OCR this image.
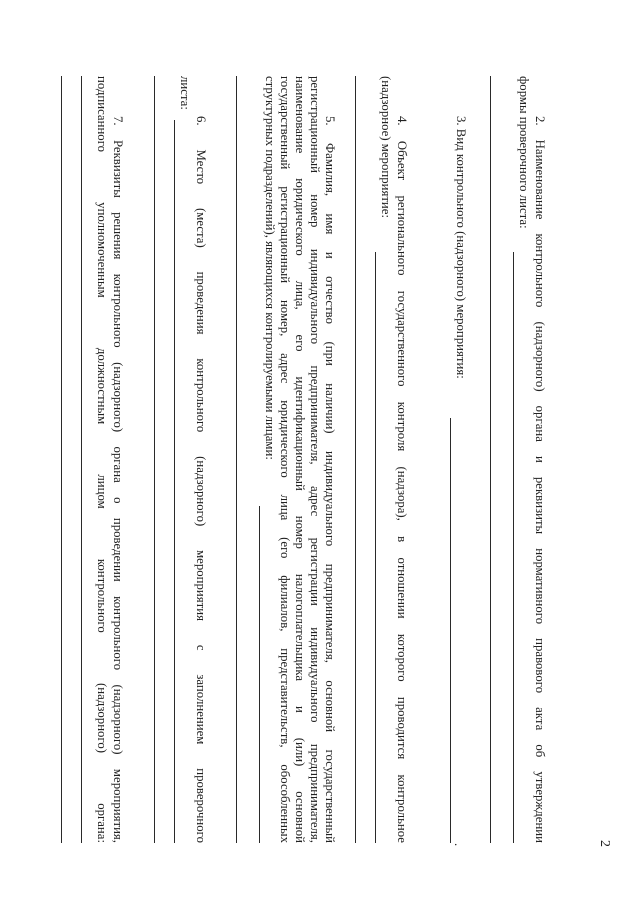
2
2. Наименование контрольного (надзорного) органа и реквизиты нормативного правового акта об утверждении
формы проверочного листа:
3. Вид контрольного (надзорного) мероприятия:
.
4. Объект регионального государственного контроля (надзора), в отношении которого проводится контрольное
(надзорное) мероприятие:
5. Фамилия, имя и отчество (при наличии) индивидуального предпринимателя, основной государственный
регистрационный номер индивидуального предпринимателя, адрес регистрации индивидуального предпринимателя,
наименование юридического лица, его идентификационный номер налогоплательщика и (или) основной
государственный регистрационный номер, адрес юридического лица (его филиалов, представительств, обособленных
структурных подразделений), являющихся контролируемыми лицами:
6. Место (места) проведения контрольного (надзорного) мероприятия с заполнением проверочного
листа:
7. Реквизиты решения контрольного (надзорного) органа о проведении контрольного (надзорного) мероприятия,
подписанного уполномоченным должностным лицом контрольного (надзорного) органа:
